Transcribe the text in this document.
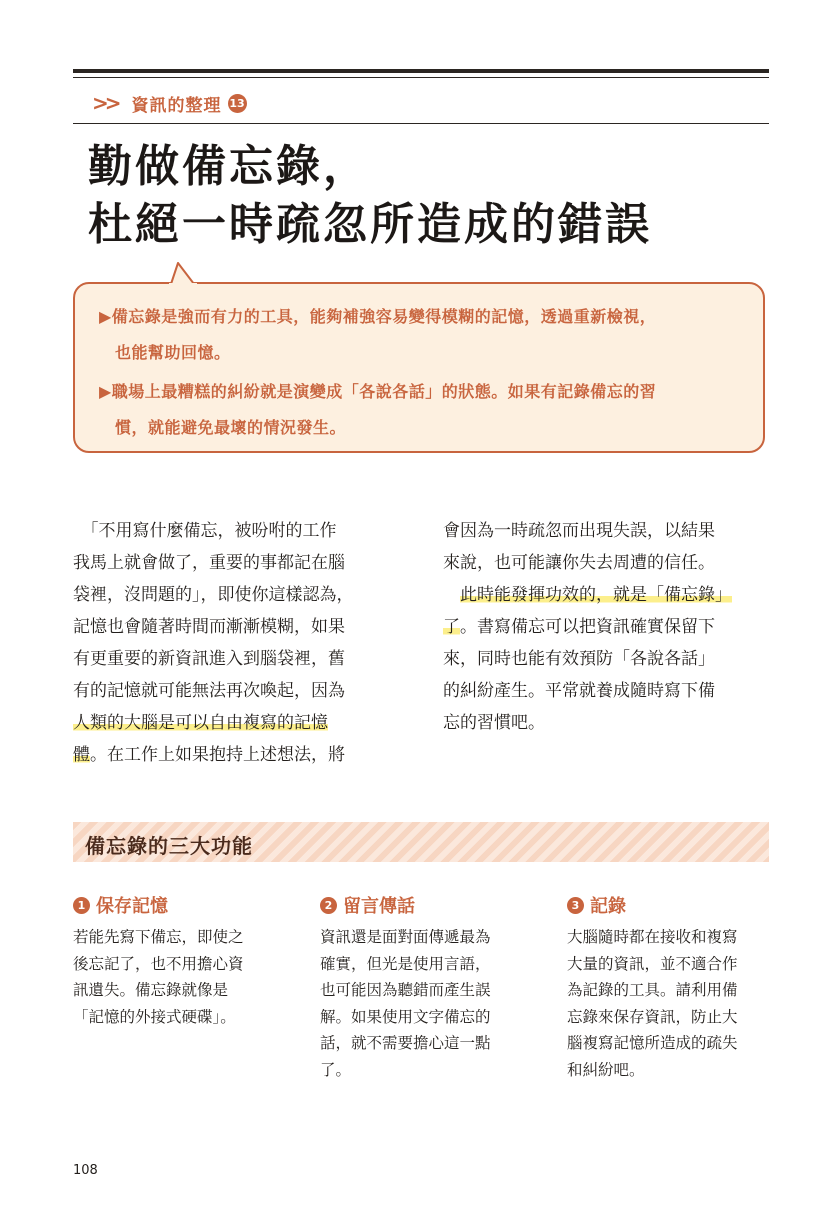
>> 資訊的整理 13
勤做備忘錄，
杜絕一時疏忽所造成的錯誤
▶備忘錄是強而有力的工具，能夠補強容易變得模糊的記憶，透過重新檢視，
也能幫助回憶。
▶職場上最糟糕的糾紛就是演變成「各說各話」的狀態。如果有記錄備忘的習
慣，就能避免最壞的情況發生。
　「不用寫什麼備忘，被吩咐的工作
我馬上就會做了，重要的事都記在腦
袋裡，沒問題的」，即使你這樣認為，
記憶也會隨著時間而漸漸模糊，如果
有更重要的新資訊進入到腦袋裡，舊
有的記憶就可能無法再次喚起，因為
人類的大腦是可以自由複寫的記憶
體。在工作上如果抱持上述想法，將
會因為一時疏忽而出現失誤，以結果
來說，也可能讓你失去周遭的信任。
此時能發揮功效的，就是「備忘錄」
了。書寫備忘可以把資訊確實保留下
來，同時也能有效預防「各說各話」
的糾紛產生。平常就養成隨時寫下備
忘的習慣吧。
備忘錄的三大功能
1 保存記憶
若能先寫下備忘，即使之
後忘記了，也不用擔心資
訊遺失。備忘錄就像是
「記憶的外接式硬碟」。
2 留言傳話
資訊還是面對面傳遞最為
確實，但光是使用言語，
也可能因為聽錯而產生誤
解。如果使用文字備忘的
話，就不需要擔心這一點
了。
3 記錄
大腦隨時都在接收和複寫
大量的資訊，並不適合作
為記錄的工具。請利用備
忘錄來保存資訊，防止大
腦複寫記憶所造成的疏失
和糾紛吧。
108
